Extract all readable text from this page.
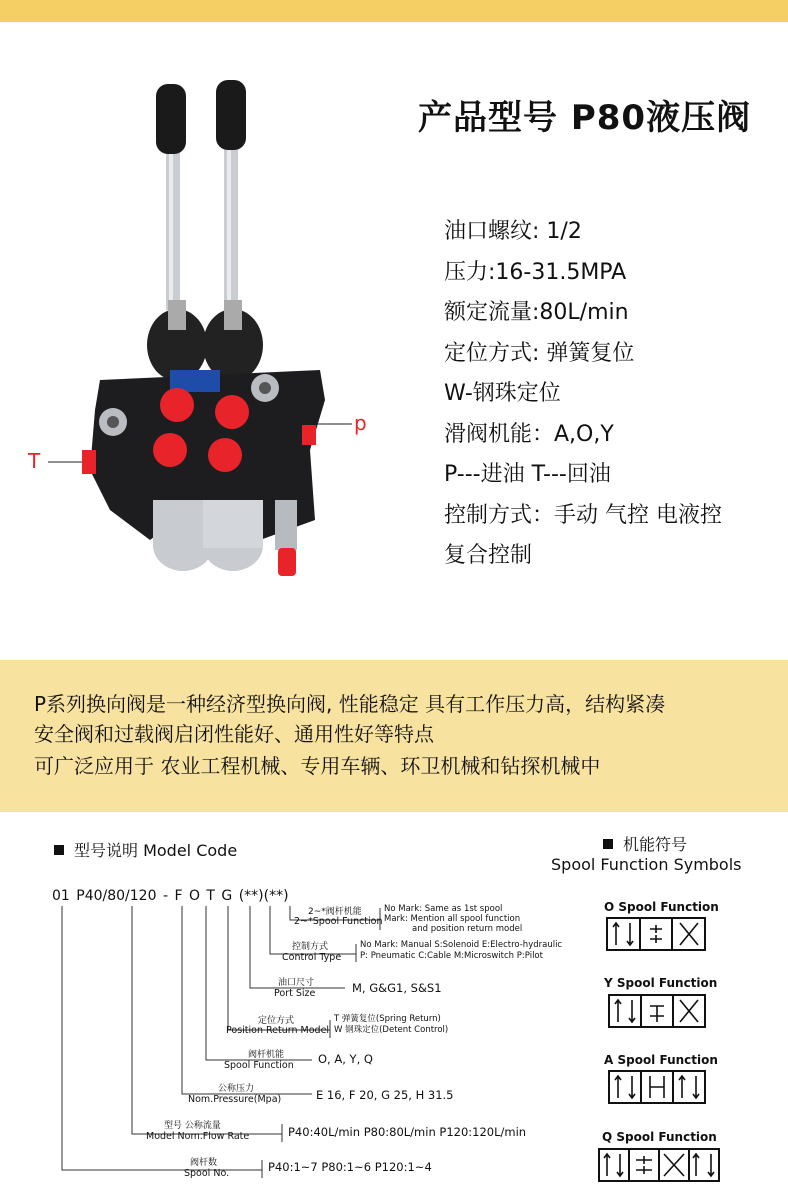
p
T
产品型号 P80液压阀
油口螺纹: 1/2
压力:16-31.5MPA
额定流量:80L/min
定位方式: 弹簧复位
W-钢珠定位
滑阀机能：A,O,Y
P---进油 T---回油
控制方式：手动 气控 电液控
复合控制

P系列换向阀是一种经济型换向阀, 性能稳定 具有工作压力高，结构紧凑

安全阀和过载阀启闭性能好、通用性好等特点

可广泛应用于 农业工程机械、专用车辆、环卫机械和钻探机械中

型号说明 Model Code	机能符号
Spool Function Symbols
01 P40/80/120 - F O T G (**)(**)
2~*阀杆机能
2~*Spool Function
No Mark: Same as 1st spool
Mark: Mention all spool function
and position return model
控制方式
Control Type
No Mark: Manual S:Solenoid E:Electro-hydraulic
P: Pneumatic C:Cable M:Microswitch P:Pilot
油口尺寸
Port Size	M, G&G1, S&S1
定位方式
Position Return Model
T 弹簧复位(Spring Return)
W 钢珠定位(Detent Control)
阀杆机能
Spool Function O, A, Y, Q
公称压力
Nom.Pressure(Mpa)	E 16, F 20, G 25, H 31.5
型号 公称流量
Model Nom.Flow Rate	P40:40L/min P80:80L/min P120:120L/min
阀杆数
Spool No.	P40:1~7 P80:1~6 P120:1~4
O Spool Function
Y Spool Function
A Spool Function
Q Spool Function
